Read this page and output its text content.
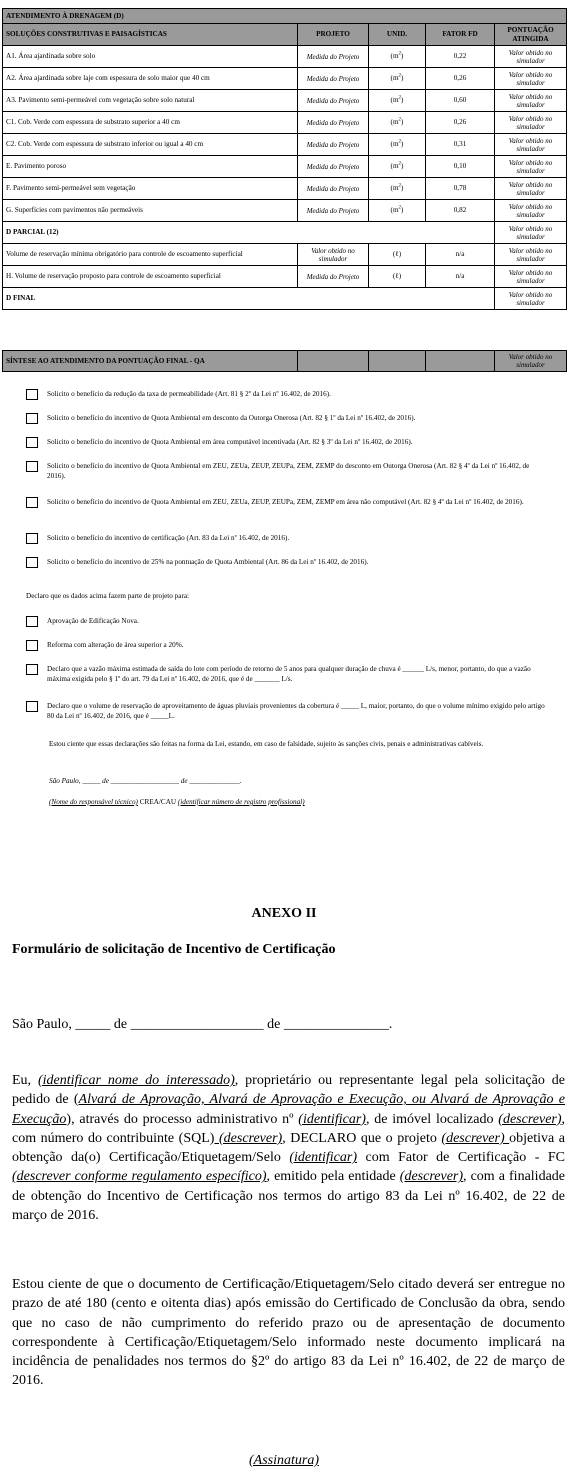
ATENDIMENTO À DRENAGEM (D)				
SOLUÇÕES CONSTRUTIVAS E PAISAGÍSTICAS	PROJETO	UNID.	FATOR FD	PONTUAÇÃO ATINGIDA
A1. Área ajardinada sobre solo	Medida do Projeto	$(m^2)$	0,22	Valor obtido no simulador
A2. Área ajardinada sobre laje com espessura de solo maior que 40 cm	Medida do Projeto	$(m^2)$	0,26	Valor obtido no simulador
A3. Pavimento semi-permeável com vegetação sobre solo natural	Medida do Projeto	$(m^2)$	0,60	Valor obtido no simulador
C1. Cob. Verde com espessura de substrato superior a 40 cm	Medida do Projeto	$(m^2)$	0,26	Valor obtido no simulador
C2. Cob. Verde com espessura de substrato inferior ou igual a 40 cm	Medida do Projeto	$(m^2)$	0,31	Valor obtido no simulador
E. Pavimento poroso	Medida do Projeto	$(m^2)$	0,10	Valor obtido no simulador
F. Pavimento semi-permeável sem vegetação	Medida do Projeto	$(m^2)$	0,78	Valor obtido no simulador
G. Superfícies com pavimentos não permeáveis	Medida do Projeto	$(m^2)$	0,82	Valor obtido no simulador
D PARCIAL (12)				Valor obtido no simulador
Volume de reservação mínima obrigatório para controle de escoamento superficial	Valor obtido no simulador	(ℓ)	n/a	Valor obtido no simulador
H. Volume de reservação proposto para controle de escoamento superficial	Medida do Projeto	(ℓ)	n/a	Valor obtido no simulador
D FINAL				Valor obtido no simulador
SÍNTESE AO ATENDIMENTO DA PONTUAÇÃO FINAL - QA				Valor obtido no simulador
Solicito o benefício da redução da taxa de permeabilidade (Art. 81 § 2º da Lei nº 16.402, de 2016).
Solicito o benefício do incentivo de Quota Ambiental em desconto da Outorga Onerosa (Art. 82 § 1º da Lei nº 16.402, de 2016).
Solicito o benefício do incentivo de Quota Ambiental em área computável incentivada (Art. 82 § 3º da Lei nº 16.402, de 2016).
Solicito o benefício do incentivo de Quota Ambiental em ZEU, ZEUa, ZEUP, ZEUPa, ZEM, ZEMP do desconto em Outorga Onerosa (Art. 82 § 4º da Lei nº 16.402, de 2016).
Solicito o benefício do incentivo de Quota Ambiental em ZEU, ZEUa, ZEUP, ZEUPa, ZEM, ZEMP em área não computável (Art. 82 § 4º da Lei nº 16.402, de 2016).
Solicito o benefício do incentivo de certificação (Art. 83 da Lei nº 16.402, de 2016).
Solicito o benefício do incentivo de 25% na pontuação de Quota Ambiental (Art. 86 da Lei nº 16.402, de 2016).
Declaro que os dados acima fazem parte de projeto para:
Aprovação de Edificação Nova.
Reforma com alteração de área superior a 20%.
Declaro que a vazão máxima estimada de saída do lote com período de retorno de 5 anos para qualquer duração de chuva é ______ L/s, menor, portanto, do que a vazão máxima exigida pelo § 1º do art. 79 da Lei nº 16.402, de 2016, que é de _______ L/s.
Declaro que o volume de reservação de aproveitamento de águas pluviais provenientes da cobertura é _____ L, maior, portanto, do que o volume mínimo exigido pelo artigo 80 da Lei nº 16.402, de 2016, que é _____L.
Estou ciente que essas declarações são feitas na forma da Lei, estando, em caso de falsidade, sujeito às sanções civis, penais e administrativas cabíveis.
São Paulo, _____ de ___________________ de ______________.
(Nome do responsável técnico) CREA/CAU (identificar número de registro profissional)
ANEXO II
Formulário de solicitação de Incentivo de Certificação
São Paulo, _____ de ___________________ de _______________.
Eu, (identificar nome do interessado), proprietário ou representante legal pela solicitação de pedido de (Alvará de Aprovação, Alvará de Aprovação e Execução, ou Alvará de Aprovação e Execução), através do processo administrativo nº (identificar), de imóvel localizado (descrever), com número do contribuinte (SQL) (descrever), DECLARO que o projeto (descrever) objetiva a obtenção da(o) Certificação/Etiquetagem/Selo (identificar) com Fator de Certificação - FC (descrever conforme regulamento específico), emitido pela entidade (descrever), com a finalidade de obtenção do Incentivo de Certificação nos termos do artigo 83 da Lei nº 16.402, de 22 de março de 2016.
Estou ciente de que o documento de Certificação/Etiquetagem/Selo citado deverá ser entregue no prazo de até 180 (cento e oitenta dias) após emissão do Certificado de Conclusão da obra, sendo que no caso de não cumprimento do referido prazo ou de apresentação de documento correspondente à Certificação/Etiquetagem/Selo informado neste documento implicará na incidência de penalidades nos termos do §2º do artigo 83 da Lei nº 16.402, de 22 de março de 2016.
(Assinatura)
